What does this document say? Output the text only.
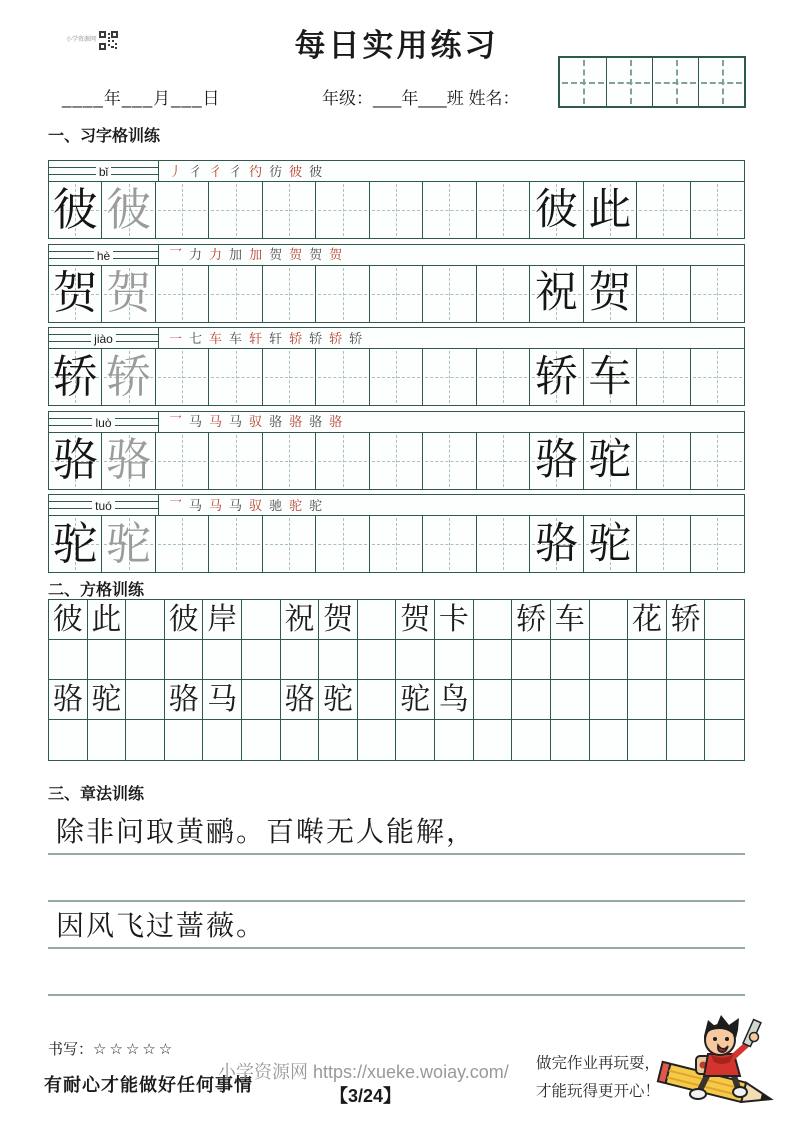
小学资源网	每日实用练习
____年___月___日	年级：___年___班 姓名：
一、习字格训练
bǐ	丿 彳 彳 彳 彴 彷 彼 彼
彼 彼	彼 此
hè	乛 力 力 加 加 贺 贺 贺 贺
贺 贺	祝 贺
jiào	一 七 车 车 轩 轩 轿 轿 轿 轿
轿 轿	轿 车
luò	乛 马 马 马 驭 骆 骆 骆 骆
骆 骆	骆 驼
tuó	乛 马 马 马 驭 驰 驼 驼
驼 驼	骆 驼
二、方格训练
彼 此 彼 岸 祝 贺 贺 卡 轿 车 花 轿
骆 驼 骆 马 骆 驼 驼 鸟
三、章法训练
除非问取黄鹂。百啭无人能解，
因风飞过蔷薇。
书写：☆☆☆☆☆
有耐心才能做好任何事情
小学资源网 https://xueke.woiay.com/
【3/24】
做完作业再玩耍，
才能玩得更开心！
